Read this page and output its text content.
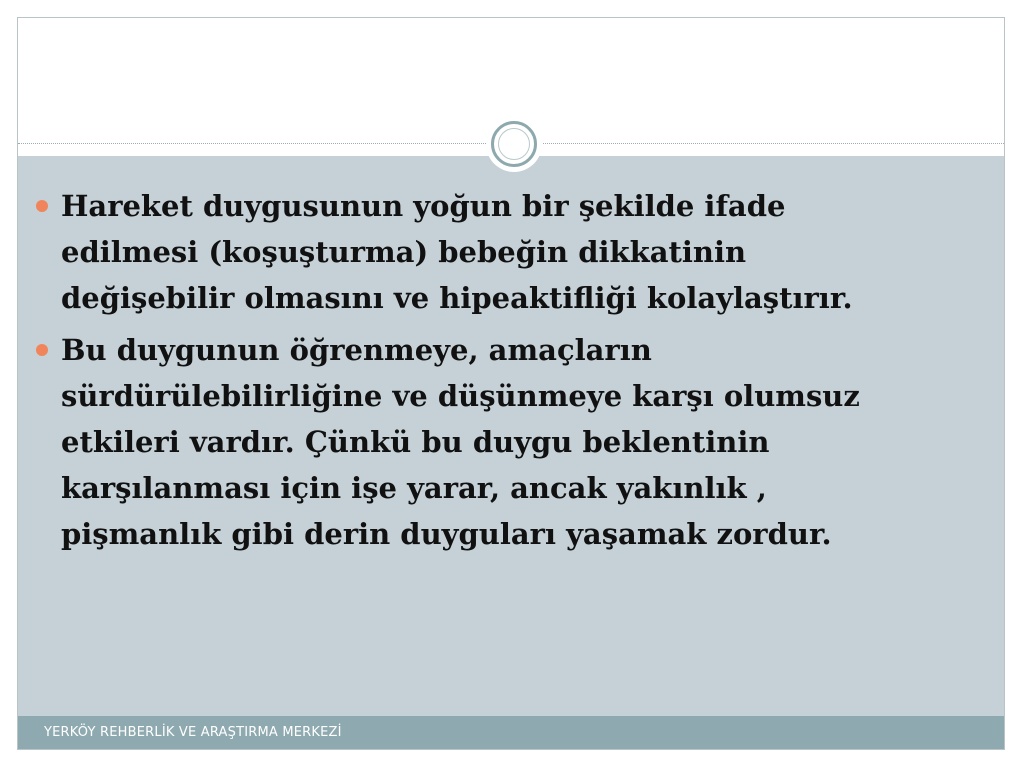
YERKÖY REHBERLİK VE ARAŞTIRMA MERKEZİ
Hareket duygusunun yoğun bir şekilde ifade edilmesi (koşuşturma) bebeğin dikkatinin değişebilir olmasını ve hipeaktifliği kolaylaştırır.
Bu duygunun öğrenmeye, amaçların sürdürülebilirliğine ve düşünmeye karşı olumsuz etkileri vardır. Çünkü bu duygu beklentinin karşılanması için işe yarar, ancak yakınlık , pişmanlık gibi derin duyguları yaşamak zordur.
